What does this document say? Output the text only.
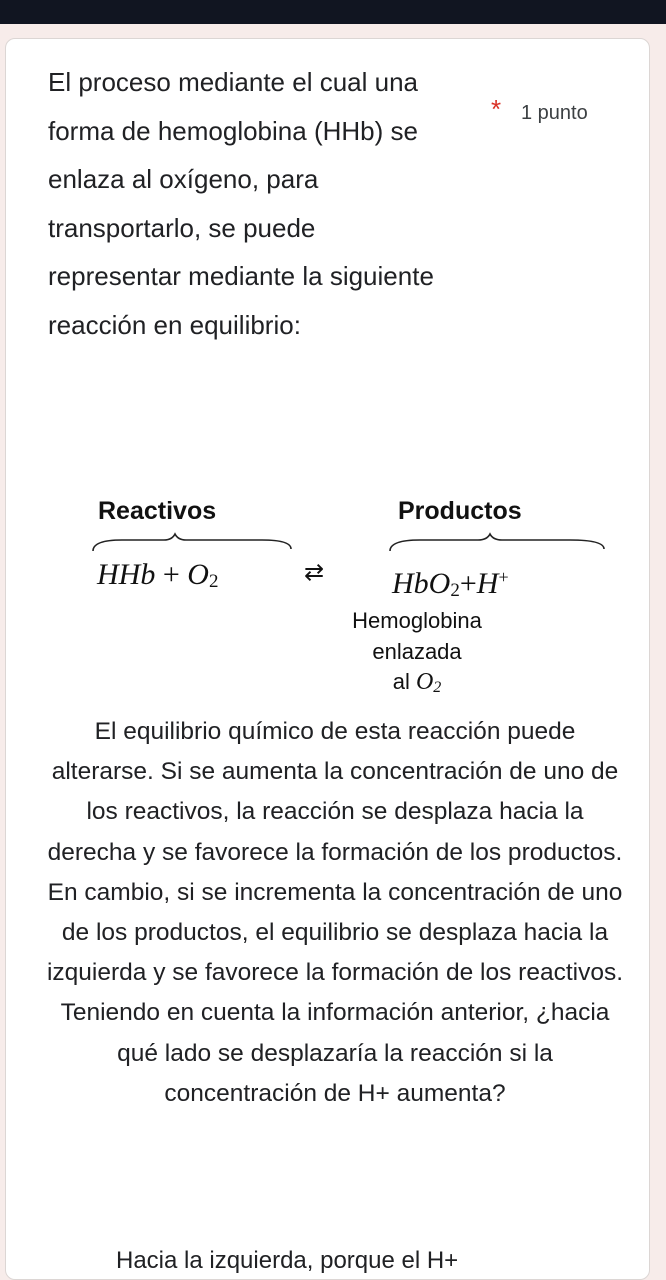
El proceso mediante el cual una forma de hemoglobina (HHb) se enlaza al oxígeno, para transportarlo, se puede representar mediante la siguiente reacción en equilibrio:
* 1 punto
Reactivos	Productos
HHb + $O_2$	⇄ HbO$_2$+H+
Hemoglobina
enlazada
al $O_2$
El equilibrio químico de esta reacción puede alterarse. Si se aumenta la concentración de uno de los reactivos, la reacción se desplaza hacia la derecha y se favorece la formación de los productos. En cambio, si se incrementa la concentración de uno de los productos, el equilibrio se desplaza hacia la izquierda y se favorece la formación de los reactivos. Teniendo en cuenta la información anterior, ¿hacia qué lado se desplazaría la reacción si la concentración de H+ aumenta?
Hacia la izquierda, porque el H+
